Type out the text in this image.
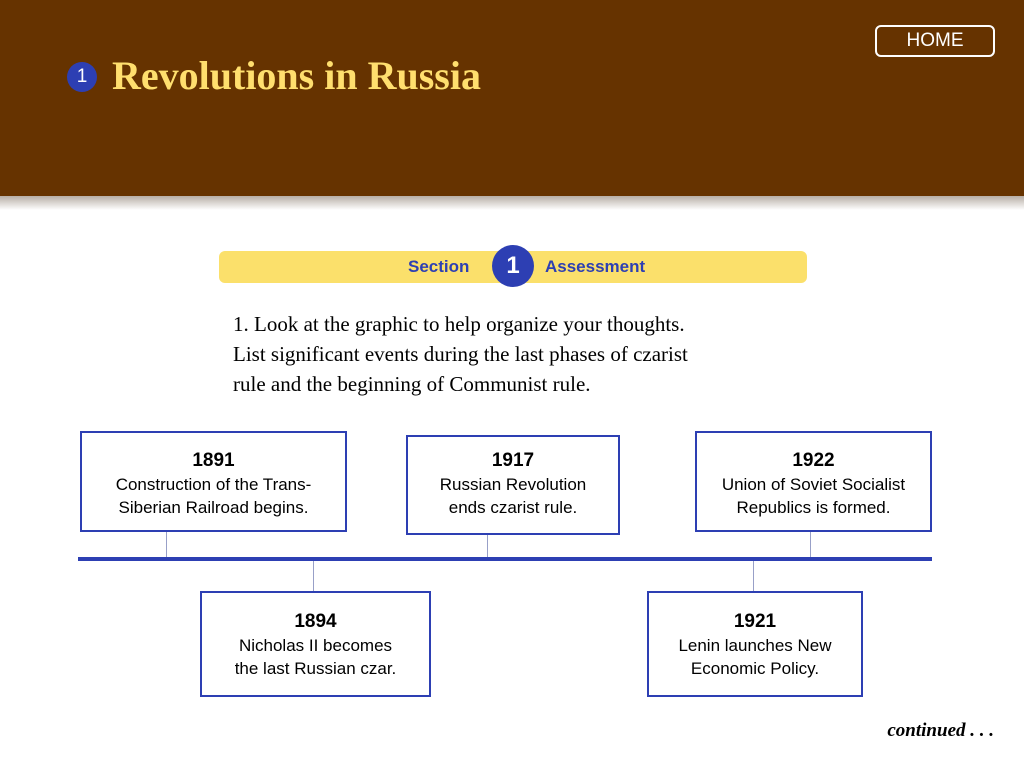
1 Revolutions in Russia
HOME
Section	1	Assessment

1. Look at the graphic to help organize your thoughts.

List significant events during the last phases of czarist

rule and the beginning of Communist rule.

1891
Construction of the Trans-
Siberian Railroad begins.
1917
Russian Revolution
ends czarist rule.
1922
Union of Soviet Socialist
Republics is formed.
1894
Nicholas II becomes
the last Russian czar.
1921
Lenin launches New
Economic Policy.
continued . . .
